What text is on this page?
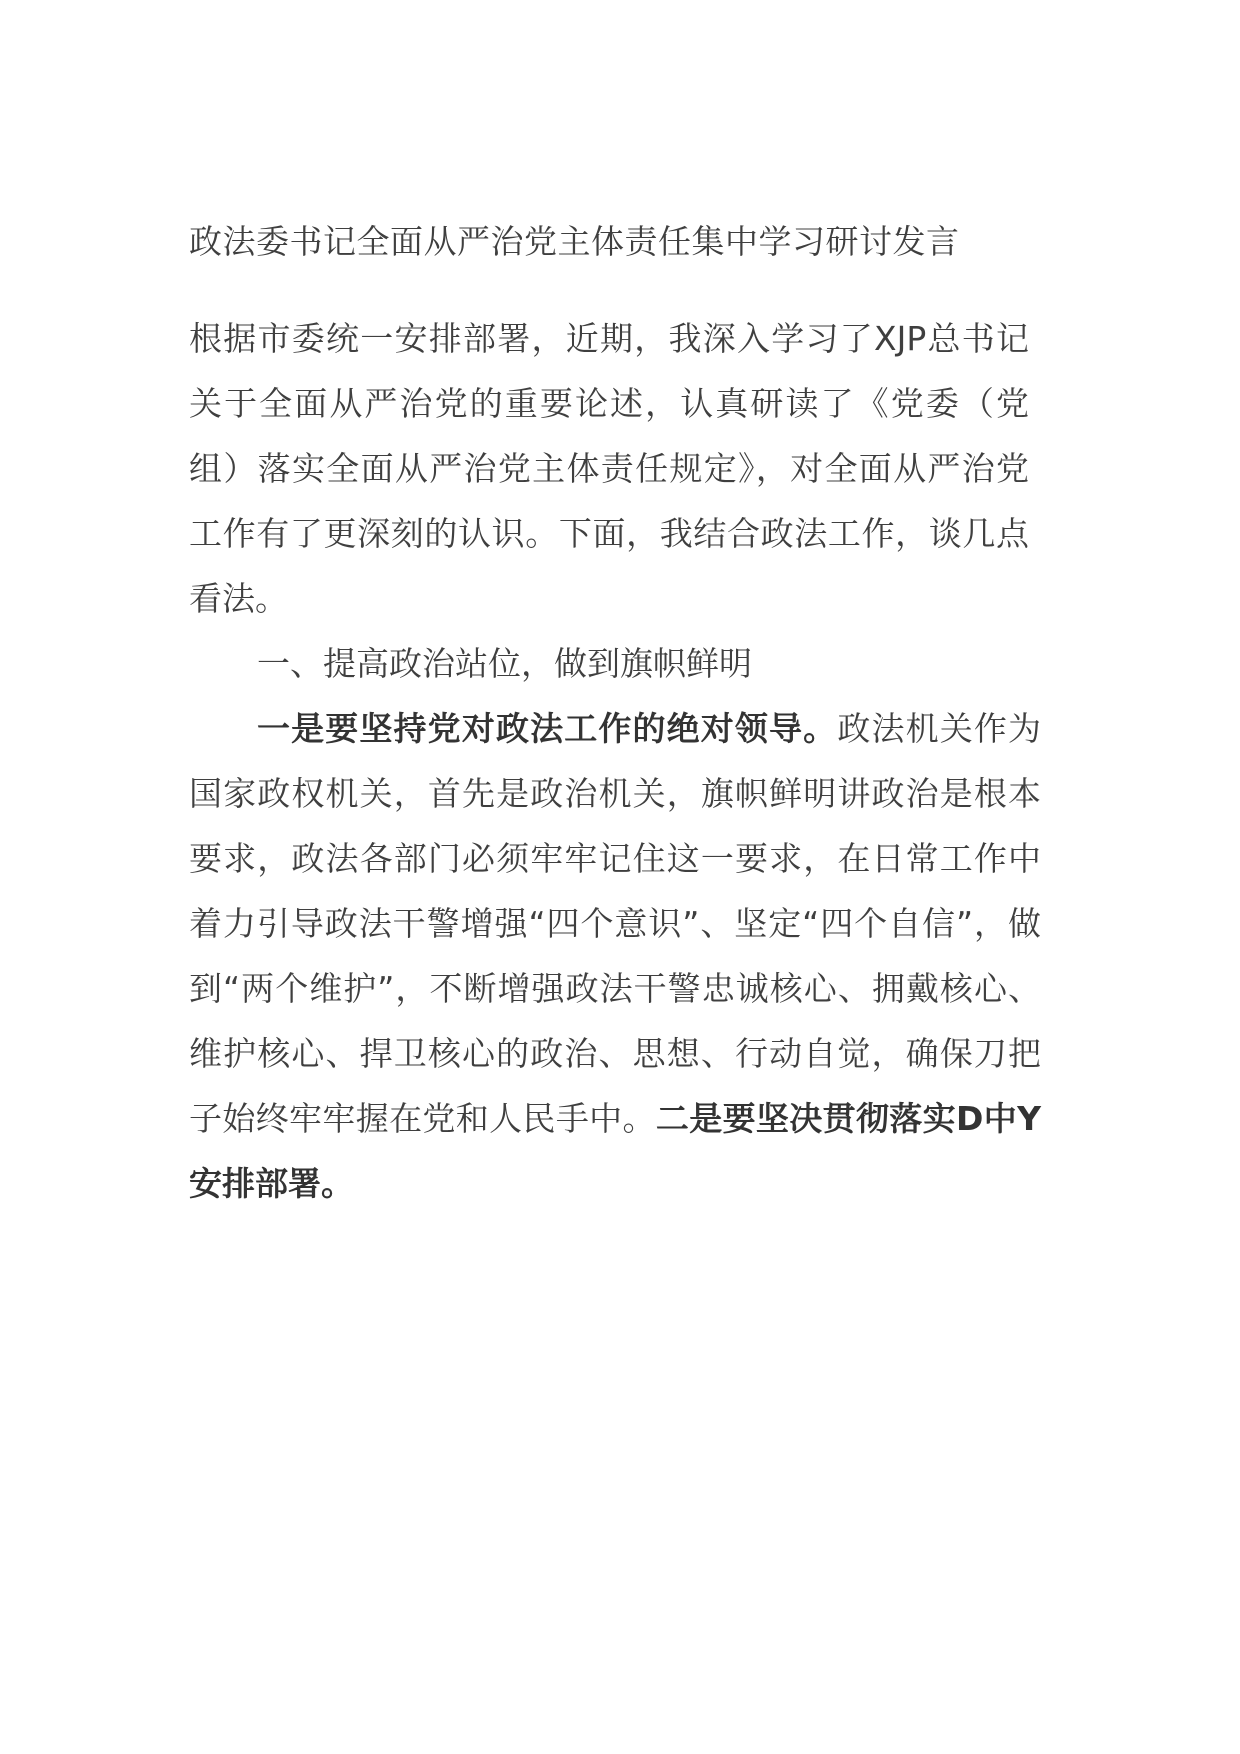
政法委书记全面从严治党主体责任集中学习研讨发言

根据市委统一安排部署，近期，我深入学习了XJP总书记关于全面从严治党的重要论述，认真研读了《党委（党组）落实全面从严治党主体责任规定》，对全面从严治党工作有了更深刻的认识。下面，我结合政法工作，谈几点看法。

一、提高政治站位，做到旗帜鲜明

一是要坚持党对政法工作的绝对领导。政法机关作为国家政权机关，首先是政治机关，旗帜鲜明讲政治是根本要求，政法各部门必须牢牢记住这一要求，在日常工作中着力引导政法干警增强“四个意识”、坚定“四个自信”，做到“两个维护”，不断增强政法干警忠诚核心、拥戴核心、维护核心、捍卫核心的政治、思想、行动自觉，确保刀把子始终牢牢握在党和人民手中。二是要坚决贯彻落实D中Y安排部署。
